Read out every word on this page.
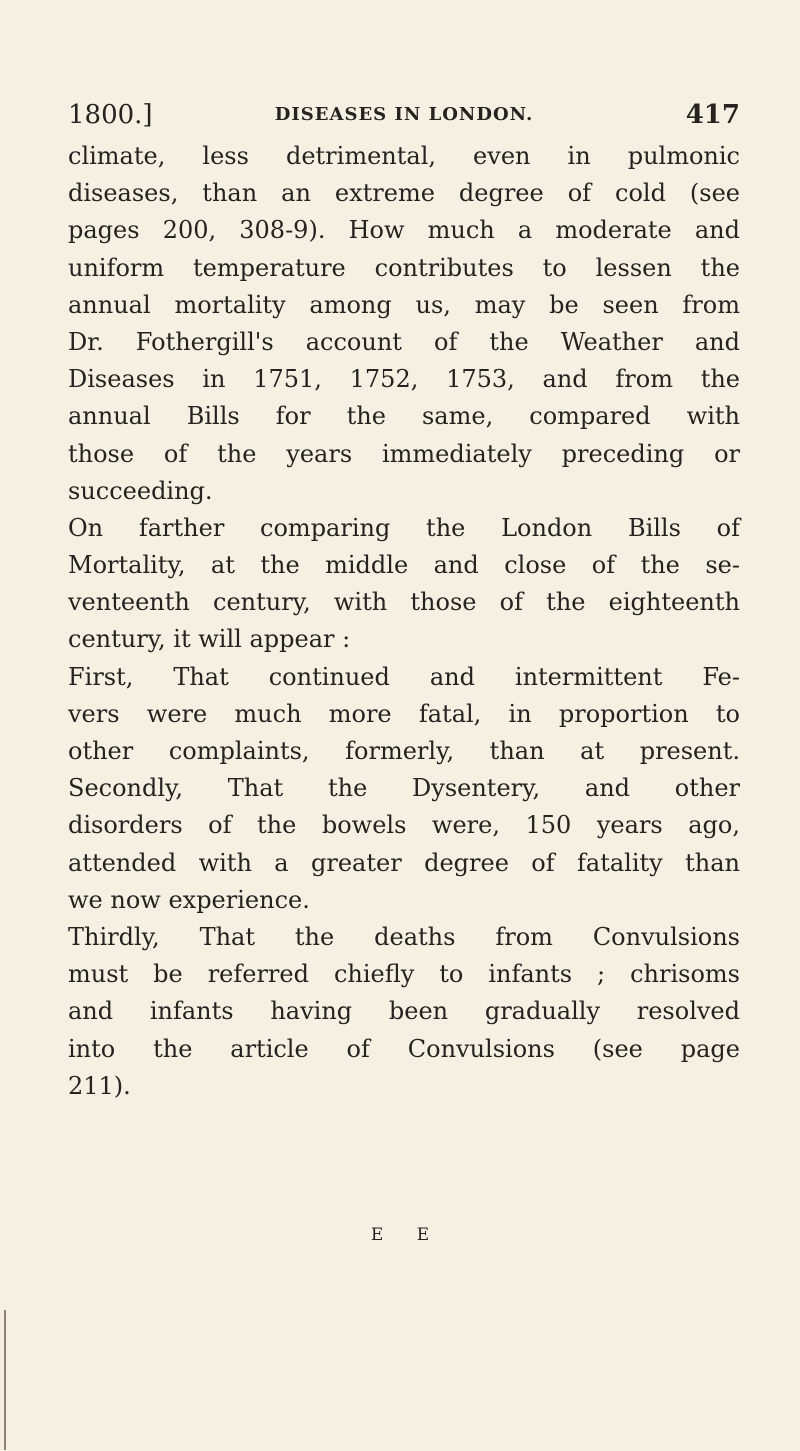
1800.]	DISEASES IN LONDON.	417
climate, less detrimental, even in pulmonic
diseases, than an extreme degree of cold (see
pages 200, 308-9). How much a moderate and
uniform temperature contributes to lessen the
annual mortality among us, may be seen from
Dr. Fothergill's account of the Weather and
Diseases in 1751, 1752, 1753, and from the
annual Bills for the same, compared with
those of the years immediately preceding or
succeeding.
On farther comparing the London Bills of
Mortality, at the middle and close of the se-
venteenth century, with those of the eighteenth
century, it will appear :
First, That continued and intermittent Fe-
vers were much more fatal, in proportion to
other complaints, formerly, than at present.
Secondly, That the Dysentery, and other
disorders of the bowels were, 150 years ago,
attended with a greater degree of fatality than
we now experience.
Thirdly, That the deaths from Convulsions
must be referred chiefly to infants ; chrisoms
and infants having been gradually resolved
into the article of Convulsions (see page
211).
E E
